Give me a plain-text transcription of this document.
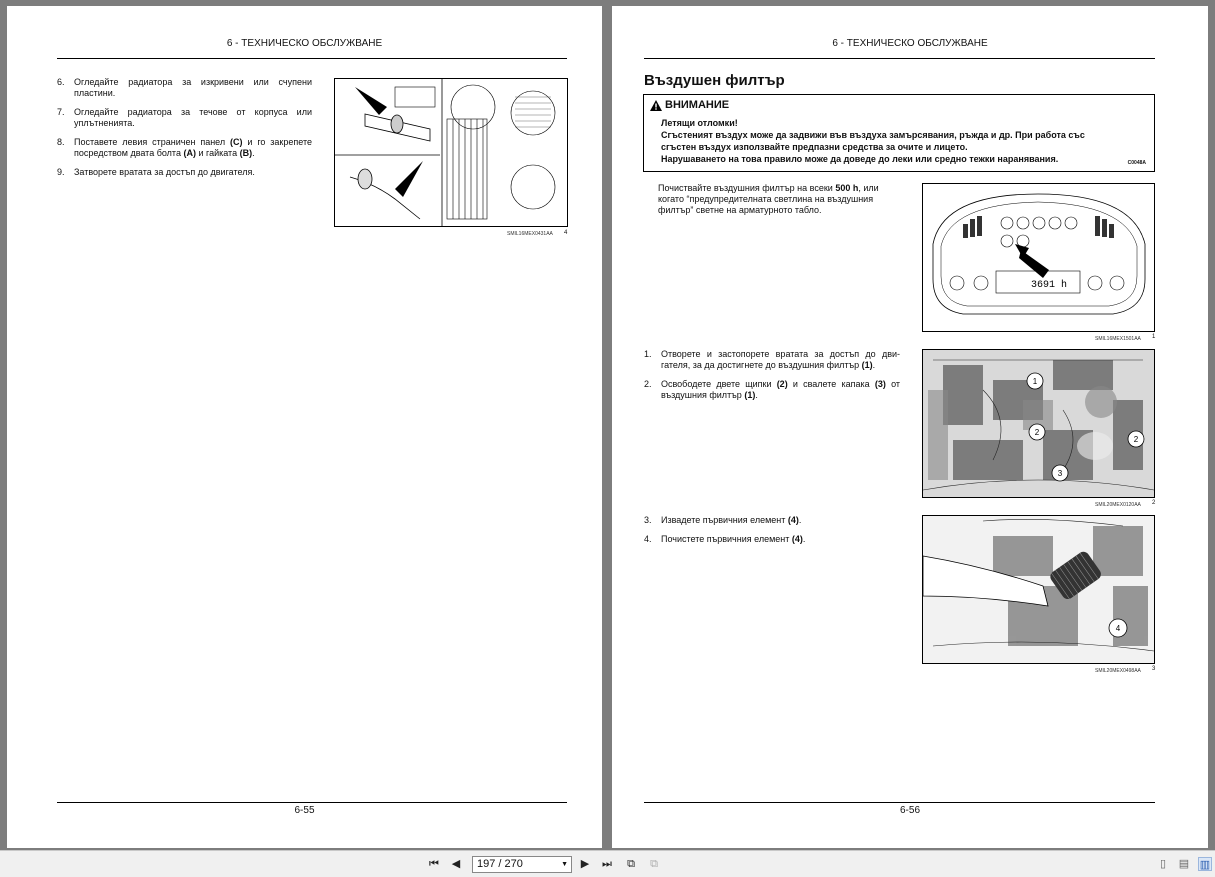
6 - ТЕХНИЧЕСКО ОБСЛУЖВАНЕ
6. Огледайте радиатора за изкривени или счупени пластини.
7. Огледайте радиатора за течове от корпуса или уплътненията.
8. Поставете левия страничен панел (C) и го закрепете посредством двата болта (A) и гайката (B).
9. Затворете вратата за достъп до двигателя.
SMIL16MEX0431AA 4
6-55
6 - ТЕХНИЧЕСКО ОБСЛУЖВАНЕ
Въздушен филтър
ВНИМАНИЕ
Летящи отломки!
Сгъстеният въздух може да задвижи във въздуха замърсявания, ръжда и др. При работа със
сгъстен въздух използвайте предпазни средства за очите и лицето.
Нарушаването на това правило може да доведе до леки или средно тежки наранявания.	C0048A
Почиствайте въздушния филтър на всеки 500 h, или когато “предупредителната светлина на въздушния филтър” светне на арматурното табло.
3691 h
SMIL16MEX1501AA 1
1. Отворете и застопорете вратата за достъп до дви-гателя, за да достигнете до въздушния филтър (1).
2. Освободете двете щипки (2) и свалете капака (3) от въздушния филтър (1).
1
2
2
3
SMIL20MEX0120AA 2
3. Извадете първичния елемент (4).
4. Почистете първичния елемент (4).
4
SMIL20MEX0498AA 3
6-56
⏮ ◀	197 / 270	▼ ▶ ⏭ ⧉ ⧉	▯	▤ ▥
